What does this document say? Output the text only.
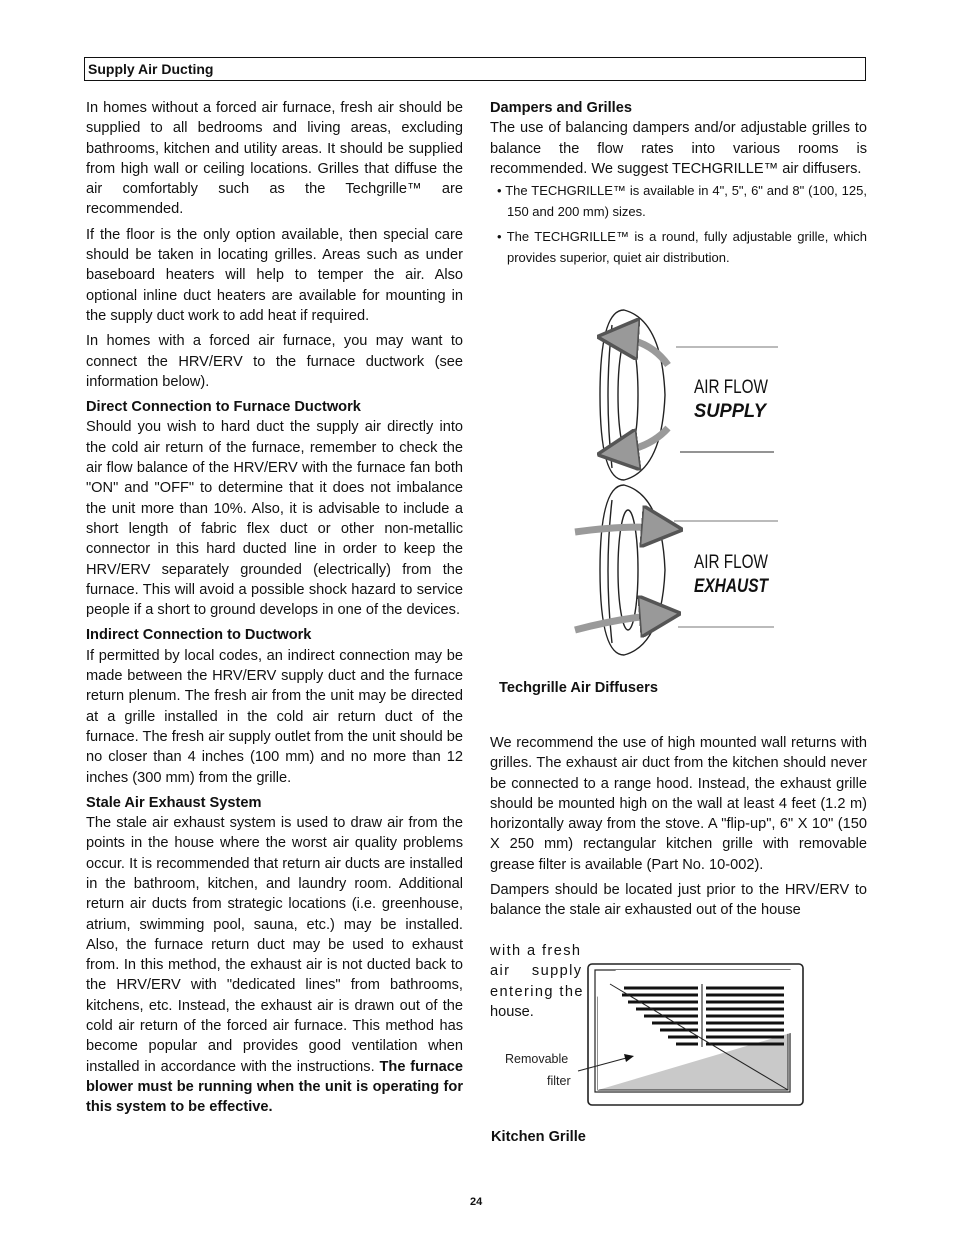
Supply Air Ducting

In homes without a forced air furnace, fresh air should be supplied to all bedrooms and living areas, excluding bathrooms, kitchen and utility areas. It should be supplied from high wall or ceiling locations. Grilles that diffuse the air comfortably such as the Techgrille™ are recommended.

If the floor is the only option available, then special care should be taken in locating grilles. Areas such as under baseboard heaters will help to temper the air. Also optional inline duct heaters are available for mounting in the supply duct work to add heat if required.

In homes with a forced air furnace, you may want to connect the HRV/ERV to the furnace ductwork (see information below).

Direct Connection to Furnace Ductwork

Should you wish to hard duct the supply air directly into the cold air return of the furnace, remember to check the air flow balance of the HRV/ERV with the furnace fan both "ON" and "OFF" to determine that it does not imbalance the unit more than 10%. Also, it is advisable to include a short length of fabric flex duct or other non-metallic connector in this hard ducted line in order to keep the HRV/ERV separately grounded (electrically) from the furnace. This will avoid a possible shock hazard to service people if a short to ground develops in one of the devices.

Indirect Connection to Ductwork

If permitted by local codes, an indirect connection may be made between the HRV/ERV supply duct and the furnace return plenum. The fresh air from the unit may be directed at a grille installed in the cold air return duct of the furnace. The fresh air supply outlet from the unit should be no closer than 4 inches (100 mm) and no more than 12 inches (300 mm) from the grille.

Stale Air Exhaust System

The stale air exhaust system is used to draw air from the points in the house where the worst air quality problems occur. It is recommended that return air ducts are installed in the bathroom, kitchen, and laundry room. Additional return air ducts from strategic locations (i.e. greenhouse, atrium, swimming pool, sauna, etc.) may be installed. Also, the furnace return duct may be used to exhaust from. In this method, the exhaust air is not ducted back to the HRV/ERV with "dedicated lines" from bathrooms, kitchens, etc. Instead, the exhaust air is drawn out of the cold air return of the forced air furnace. This method has become popular and provides good ventilation when installed in accordance with the instructions. The furnace blower must be running when the unit is operating for this system to be effective.

Dampers and Grilles

The use of balancing dampers and/or adjustable grilles to balance the flow rates into various rooms is recommended. We suggest TECHGRILLE™ air diffusers.

• The TECHGRILLE™ is available in 4", 5", 6" and 8" (100, 125, 150 and 200 mm) sizes.

• The TECHGRILLE™ is a round, fully adjustable grille, which provides superior, quiet air distribution.

AIR FLOW
SUPPLY
AIR FLOW
EXHAUST
Techgrille Air Diffusers

We recommend the use of high mounted wall returns with grilles. The exhaust air duct from the kitchen should never be connected to a range hood. Instead, the exhaust grille should be mounted high on the wall at least 4 feet (1.2 m) horizontally away from the stove. A "flip-up", 6" X 10" (150 X 250 mm) rectangular kitchen grille with removable grease filter is available (Part No. 10-002).

Dampers should be located just prior to the HRV/ERV to balance the stale air exhausted out of the house

with a fresh
air supply
entering the
house.
Removable
filter
Kitchen Grille
24
